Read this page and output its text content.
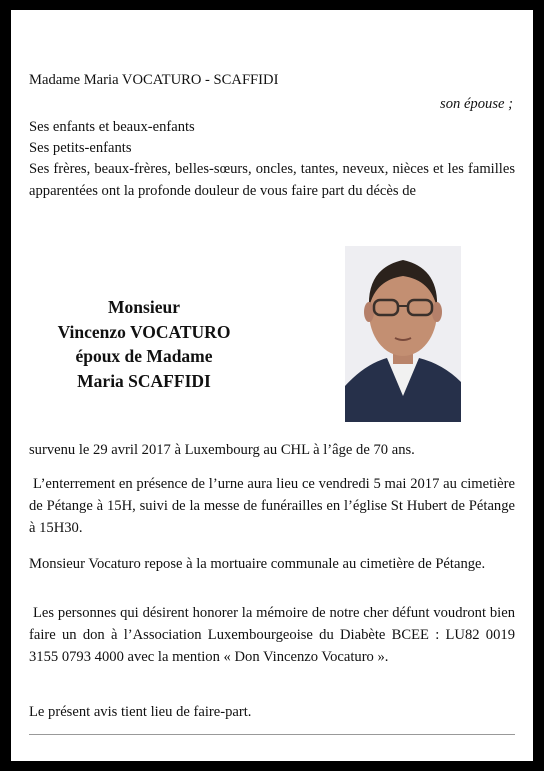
Madame Maria VOCATURO - SCAFFIDI
son épouse ;
Ses enfants et beaux-enfants
Ses petits-enfants
Ses frères, beaux-frères, belles-sœurs, oncles, tantes, neveux, nièces et les familles apparentées ont la profonde douleur de vous faire part du décès de
Monsieur
Vincenzo VOCATURO
époux de Madame
Maria SCAFFIDI
survenu le 29 avril 2017 à Luxembourg au CHL à l’âge de 70 ans.
L’enterrement en présence de l’urne aura lieu ce vendredi 5 mai 2017 au cimetière de Pétange à 15H, suivi de la messe de funérailles en l’église St Hubert de Pétange à 15H30.
Monsieur Vocaturo repose à la mortuaire communale au cimetière de Pétange.
Les personnes qui désirent honorer la mémoire de notre cher défunt voudront bien faire un don à l’Association Luxembourgeoise du Diabète BCEE : LU82 0019 3155 0793 4000 avec la mention « Don Vincenzo Vocaturo ».
Le présent avis tient lieu de faire-part.
